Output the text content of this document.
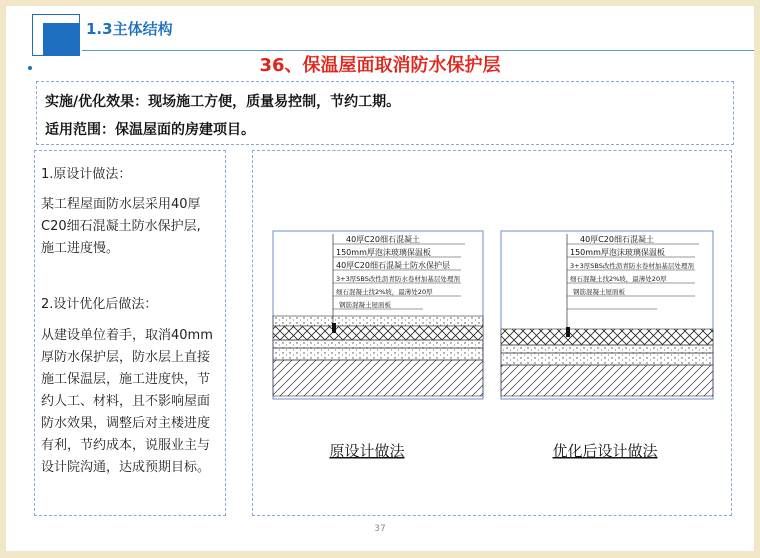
1.3主体结构
36、保温屋面取消防水保护层
实施/优化效果：现场施工方便，质量易控制，节约工期。
适用范围：保温屋面的房建项目。
1.原设计做法：
某工程屋面防水层采用40厚
C20细石混凝土防水保护层,
施工进度慢。
2.设计优化后做法：
从建设单位着手，取消40mm
厚防水保护层，防水层上直接
施工保温层，施工进度快，节
约人工、材料，且不影响屋面
防水效果，调整后对主楼进度
有利，节约成本，说服业主与
设计院沟通，达成预期目标。
40厚C20细石混凝土
150mm厚泡沫玻璃保温板
40厚C20细石混凝土防水保护层
3+3厚SBS改性沥青防水卷材加基层处理剂
细石混凝土找2%坡，最薄处20厚
钢筋混凝土屋面板
40厚C20细石混凝土
150mm厚泡沫玻璃保温板
3+3厚SBS改性沥青防水卷材加基层处理剂
细石混凝土找2%坡，最薄处20厚
钢筋混凝土屋面板
原设计做法	优化后设计做法
37
